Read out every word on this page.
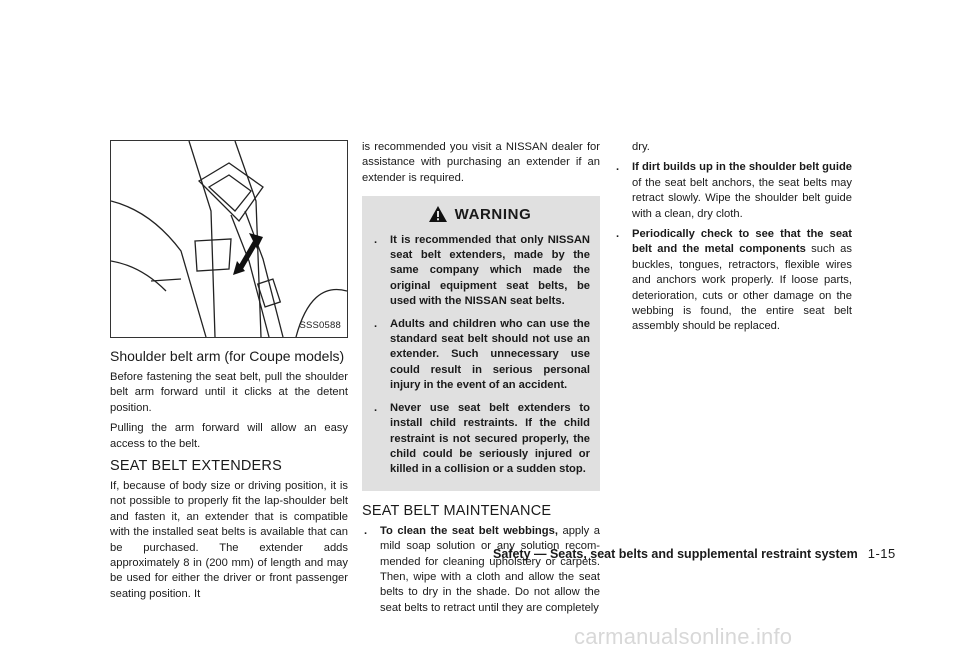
SSS0588
Shoulder belt arm (for Coupe models)

Before fastening the seat belt, pull the shoulder belt arm forward until it clicks at the detent position.

Pulling the arm forward will allow an easy access to the belt.

SEAT BELT EXTENDERS

If, because of body size or driving position, it is not possible to properly fit the lap-shoulder belt and fasten it, an extender that is compatible with the installed seat belts is available that can be purchased. The extender adds approximately 8 in (200 mm) of length and may be used for either the driver or front passenger seating position. It

is recommended you visit a NISSAN dealer for assistance with purchasing an extender if an extender is required.

WARNING
. It is recommended that only NISSAN seat belt extenders, made by the same company which made the original equipment seat belts, be used with the NISSAN seat belts.
. Adults and children who can use the standard seat belt should not use an extender. Such unnecessary use could result in serious personal injury in the event of an accident.
. Never use seat belt extenders to install child restraints. If the child restraint is not secured properly, the child could be seriously injured or killed in a collision or a sudden stop.
SEAT BELT MAINTENANCE
. To clean the seat belt webbings, apply a mild soap solution or any solution recom-mended for cleaning upholstery or carpets. Then, wipe with a cloth and allow the seat belts to dry in the shade. Do not allow the seat belts to retract until they are completely

dry.

. If dirt builds up in the shoulder belt guide of the seat belt anchors, the seat belts may retract slowly. Wipe the shoulder belt guide with a clean, dry cloth.
. Periodically check to see that the seat belt and the metal components such as buckles, tongues, retractors, flexible wires and anchors work properly. If loose parts, deterioration, cuts or other damage on the webbing is found, the entire seat belt assembly should be replaced.
Safety — Seats, seat belts and supplemental restraint system 1-15
carmanualsonline.info
